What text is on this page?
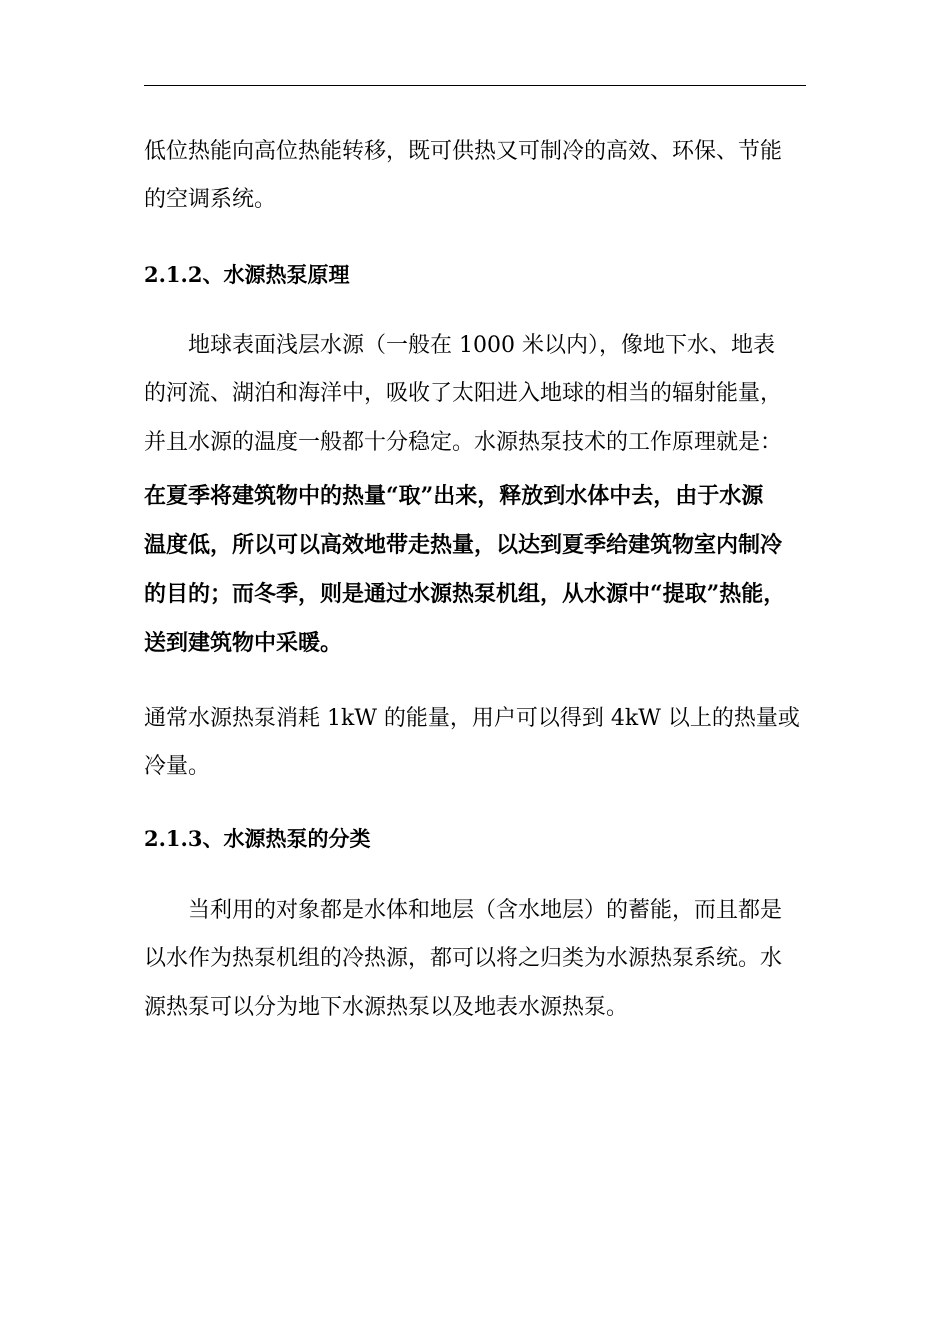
低位热能向高位热能转移，既可供热又可制冷的高效、环保、节能
的空调系统。
2.1.2、水源热泵原理
地球表面浅层水源（一般在 1000 米以内），像地下水、地表
的河流、湖泊和海洋中，吸收了太阳进入地球的相当的辐射能量，
并且水源的温度一般都十分稳定。水源热泵技术的工作原理就是：
在夏季将建筑物中的热量“取”出来，释放到水体中去，由于水源
温度低，所以可以高效地带走热量，以达到夏季给建筑物室内制冷
的目的；而冬季，则是通过水源热泵机组，从水源中“提取”热能，
送到建筑物中采暖。
通常水源热泵消耗 1kW 的能量，用户可以得到 4kW 以上的热量或
冷量。
2.1.3、水源热泵的分类
当利用的对象都是水体和地层（含水地层）的蓄能，而且都是
以水作为热泵机组的冷热源，都可以将之归类为水源热泵系统。水
源热泵可以分为地下水源热泵以及地表水源热泵。
